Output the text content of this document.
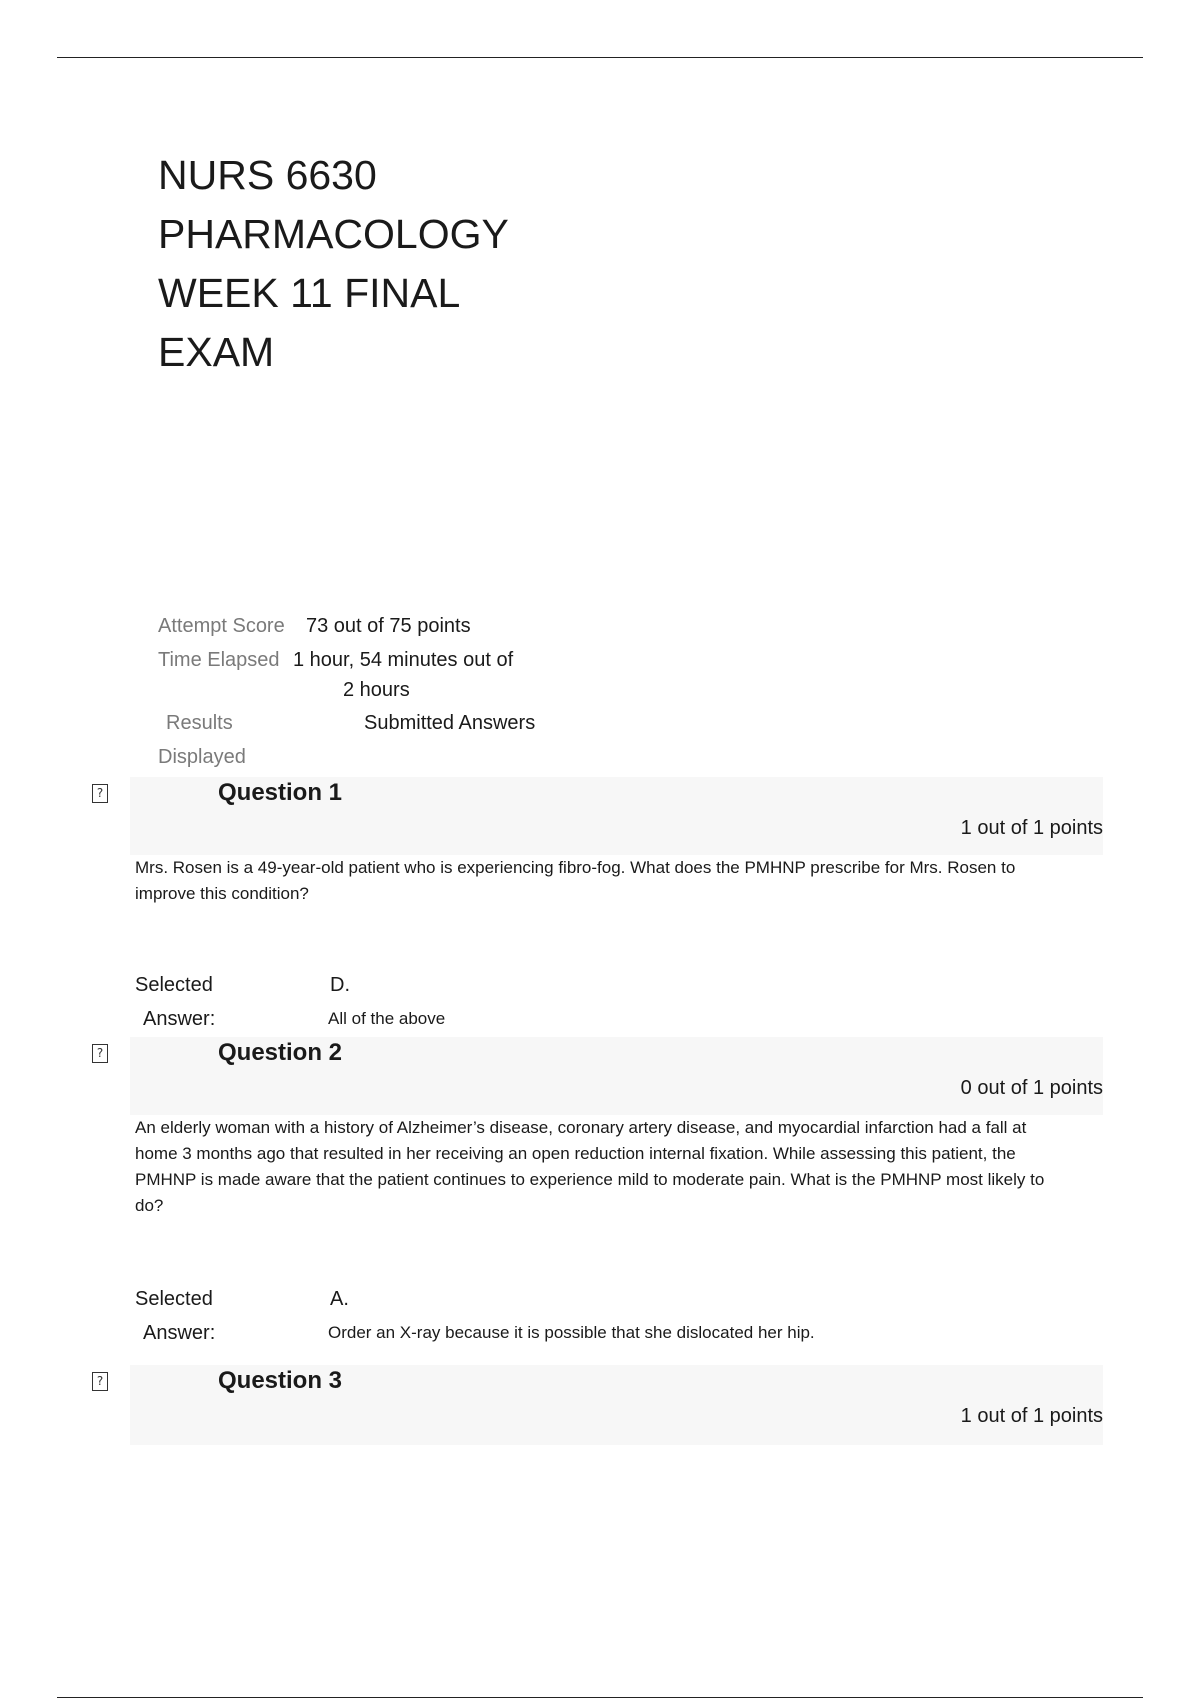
NURS 6630
PHARMACOLOGY
WEEK 11 FINAL
EXAM
Attempt Score 73 out of 75 points
Time Elapsed 1 hour, 54 minutes out of
2 hours
Results	Submitted Answers
Displayed
?	Question 1
1 out of 1 points
Mrs. Rosen is a 49-year-old patient who is experiencing fibro-fog. What does the PMHNP prescribe for Mrs. Rosen to improve this condition?
Selected
Answer:
D.
All of the above
?	Question 2
0 out of 1 points
An elderly woman with a history of Alzheimer’s disease, coronary artery disease, and myocardial infarction had a fall at home 3 months ago that resulted in her receiving an open reduction internal fixation. While assessing this patient, the PMHNP is made aware that the patient continues to experience mild to moderate pain. What is the PMHNP most likely to do?
Selected
Answer:
A.
Order an X-ray because it is possible that she dislocated her hip.
?	Question 3
1 out of 1 points
